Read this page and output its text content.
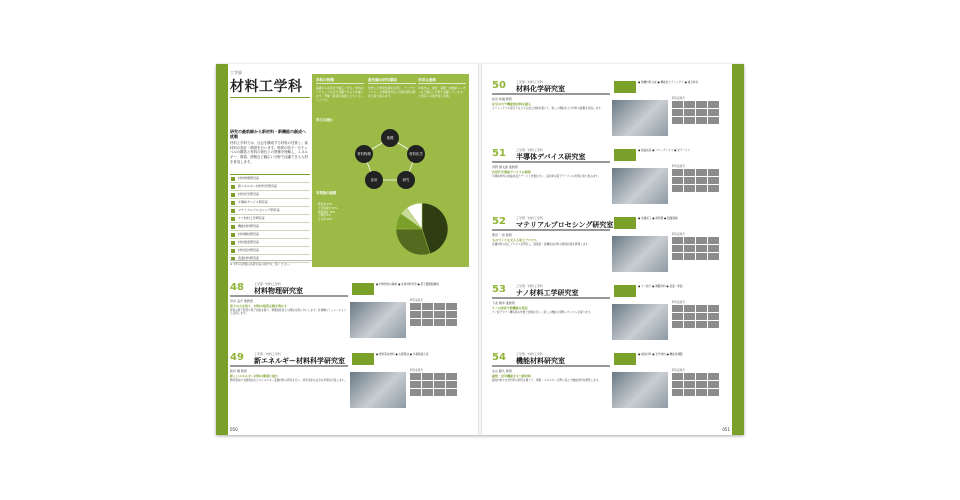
工学部
材料工学科
研究の最前線から新材料・新機能の創成へ挑戦
材料工学科では、社会を構成する材料の性質と、新材料の設計・開発を行います。物質の原子・分子レベルの構造と材料の物性との関係を理解し、エネルギー、環境、情報など幅広い分野で活躍できる人材を育成します。
材料物理研究室
新エネルギー材料科学研究室
材料化学研究室
半導体デバイス研究室
マテリアルプロセシング研究室
ナノ材料工学研究室
機能材料研究室
材料解析研究室
材料強度研究室
材料設計研究室
表面材料研究室
※ 学科の詳細は各研究室の紹介をご覧ください。
学科の特徴
基礎から応用まで幅広く学び、材料のプロとして社会で活躍できる力を養います。実験・演習を重視したカリキュラムです。
最先端の研究環境
充実した研究設備を活用し、ナノテクノロジーや環境材料など先端分野の研究に取り組みます。
多彩な進路
卒業生は、素材・電機・自動車メーカーなど幅広い分野で活躍しています。大学院への進学者も多数。
学びの流れ
基礎
材料物理	材料化学
応用	研究
卒業後の進路
製造業 45%
大学院進学 30%
情報通信 10%
公務員 5%
その他 10%
050	051
48	工学部／材料工学科
材料物理研究室
● 材料物性の解析 ● 計算材料科学 ● 電子顕微鏡観察
河井 良介 准教授
原子の力を知り、材料の性質を解き明かす
材料の原子配列や電子状態を調べ、物理的性質との関係を明らかにします。計算機シミュレーションも活用します。
研究室紹介
49	工学部／材料工学科
新エネルギー材料科学研究室
● 燃料電池材料 ● 太陽電池 ● 水素吸蔵合金
新井 剛 教授
新しいエネルギー材料の開発に挑む
燃料電池や太陽電池などのエネルギー変換材料の研究を行い、持続可能な社会の実現を目指します。
研究室紹介
50	工学部／材料工学科
材料化学研究室
● 無機材料合成 ● 機能性セラミックス ● 複合材料
松田 和雄 教授
化学の力で機能性材料を創る
セラミックスや高分子などの合成と評価を通じて、新しい機能をもつ材料の創製を目指します。
研究室紹介
51	工学部／材料工学科
半導体デバイス研究室
● 結晶成長 ● パワーデバイス ● 光デバイス
河野 健太郎 准教授
次世代半導体デバイスの開発
半導体材料の結晶成長とデバイス作製を行い、高効率な電子デバイスの実現に取り組みます。
研究室紹介
52	工学部／材料工学科
マテリアルプロセシング研究室
● 金属加工 ● 熱処理 ● 組織制御
豊田 一彦 教授
ものづくりを支える加工プロセス
金属材料の加工プロセスを研究し、高強度・高機能な材料の製造技術を開発します。
研究室紹介
53	工学部／材料工学科
ナノ材料工学研究室
● ナノ粒子 ● 薄膜材料 ● 表面・界面
下条 雅幸 准教授
ナノの世界で新機能を発見
ナノ粒子やナノ構造体の作製と評価を行い、新しい機能の発現メカニズムを探ります。
研究室紹介
54	工学部／材料工学科
機能材料研究室
● 磁性材料 ● 光学材料 ● 機能性薄膜
永山 勝久 教授
磁性・光学機能をもつ新材料
磁性材料や光学材料の研究を通じて、情報・エネルギー分野に役立つ機能材料を開発します。
研究室紹介
